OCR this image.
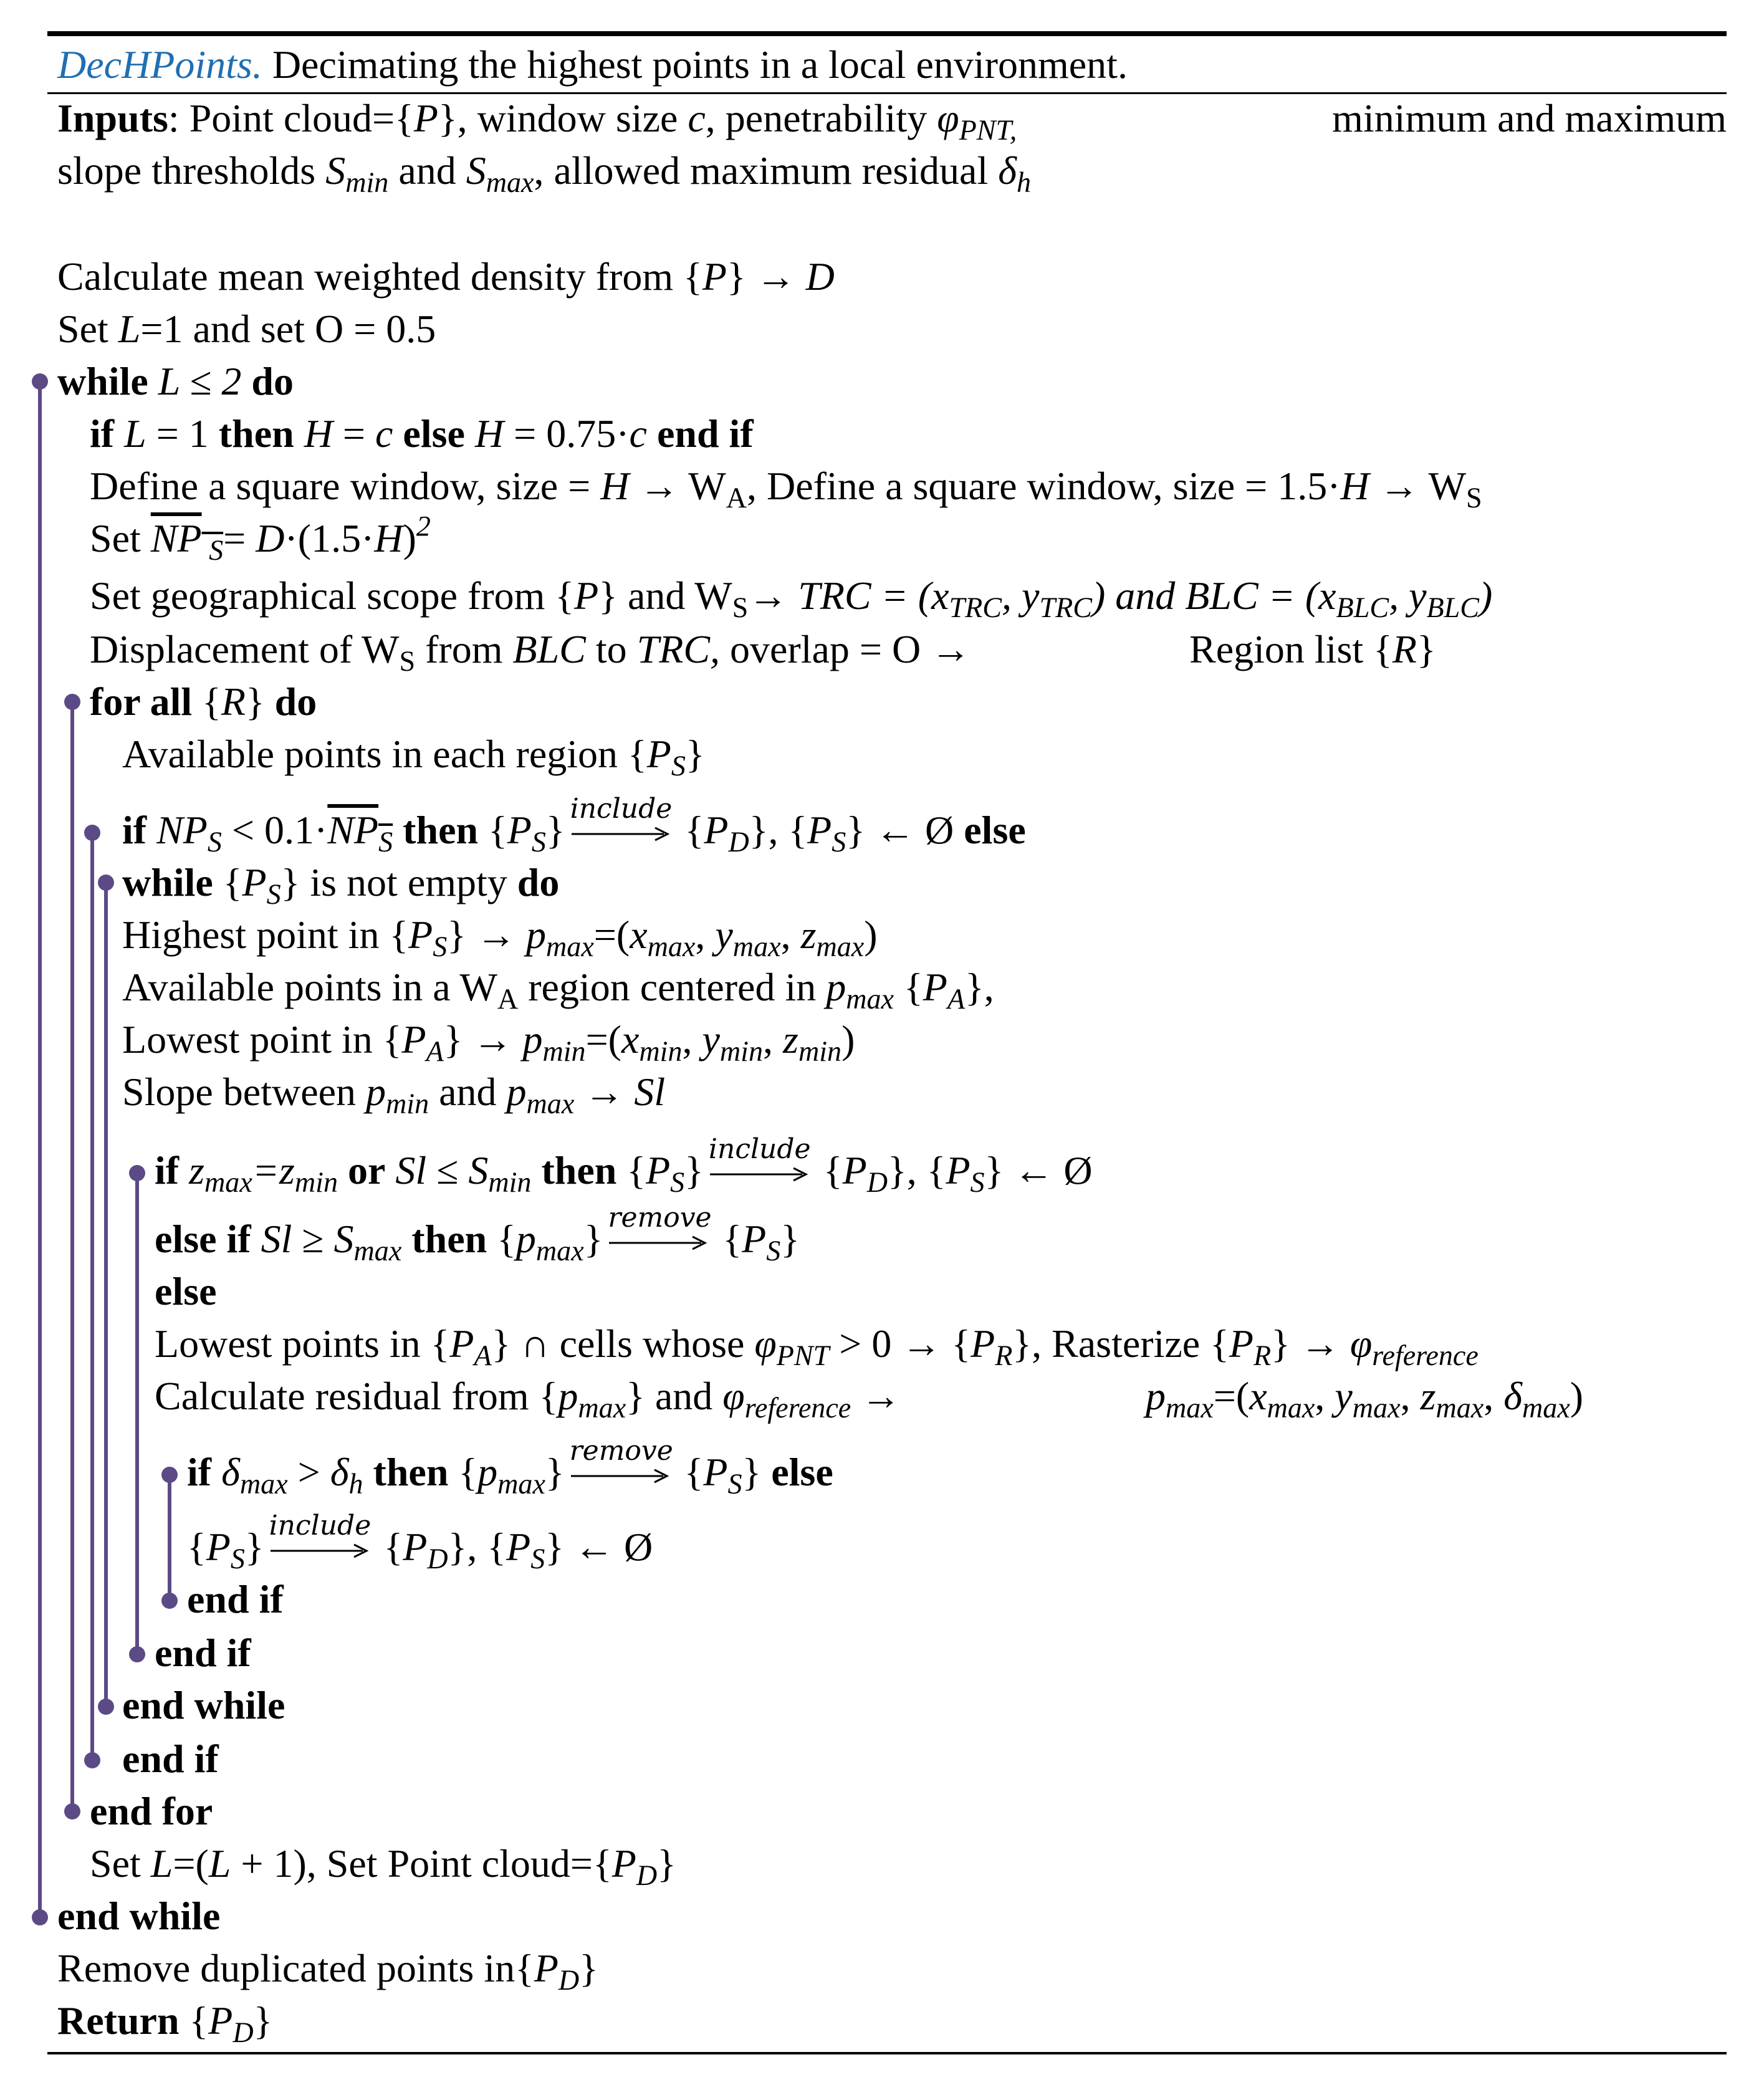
DecHPoints. Decimating the highest points in a local environment.
Inputs: Point cloud={P}, window size c, penetrability $\varphi_{PNT,}$	minimum and maximum
slope thresholds $S_{min}$ and $S_{max}$, allowed maximum residual $\delta_h$
Calculate mean weighted density from {P} → D
Set L=1 and set O = 0.5
while L ≤ 2 do
if L = 1 then H = c else H = 0.75·c end if
Define a square window, size = $H \to W_A$, Define a square window, size = $1.5\cdot H \to W_S$
Set $\overline{NP}$ $_S= D\cdot(1.5\cdot H)^2$
Set geographical scope from {P} and $W_S\to$ TRC = ($x_{TRC}$, $y_{TRC}$) and BLC = ($x_{BLC}$, $y_{BLC}$)
Displacement of $W_S$ from BLC to TRC, overlap = O →	Region list {R}
for all {R} do
Available points in each region $\{P_S\}$
if $NP_S < 0.1\cdot\overline{NP}_{\overline{S}}$ then $\{P_S\}$ include $\{P_D\}$, $\{P_S\}$ ← Ø else
while $\{P_S\}$ is not empty do
Highest point in $\{P_S\} \to p_{max}=(x_{max}$, $y_{max}$, $z_{max}$)
Available points in a $W_A$ region centered in $p_{max}$ $\{P_A\}$,
Lowest point in $\{P_A\} \to p_{min}=(x_{min}$, $y_{min}$, $z_{min}$)
Slope between $p_{min}$ and $p_{max} \to Sl$
if $z_{max}=z_{min}$ or $Sl \le S_{min}$ then $\{P_S\}$ include $\{P_D\}$, $\{P_S\}$ ← Ø
else if $Sl \ge S_{max}$ then $\{p_{max}\}$ remove $\{P_S\}$
else
Lowest points in $\{P_A\}$ ∩ cells whose $\varphi_{PNT} > 0 \to \{P_R\}$, Rasterize $\{P_R\} \to \varphi_{reference}$
Calculate residual from $\{p_{max}\}$ and $\varphi_{reference}$ →	$p_{max}=(x_{max}$, $y_{max}$, $z_{max}$, $\delta_{max}$)
if $\delta_{max} > \delta_h$ then $\{p_{max}\}$ remove $\{P_S\}$ else
$\{P_S\}$ include $\{P_D\}$, $\{P_S\}$ ← Ø
end if
end if
end while
end if
end for
Set L=(L + 1), Set Point $cloud=\{P_D\}$
end while
Remove duplicated points $in\{P_D\}$
Return $\{P_D\}$
